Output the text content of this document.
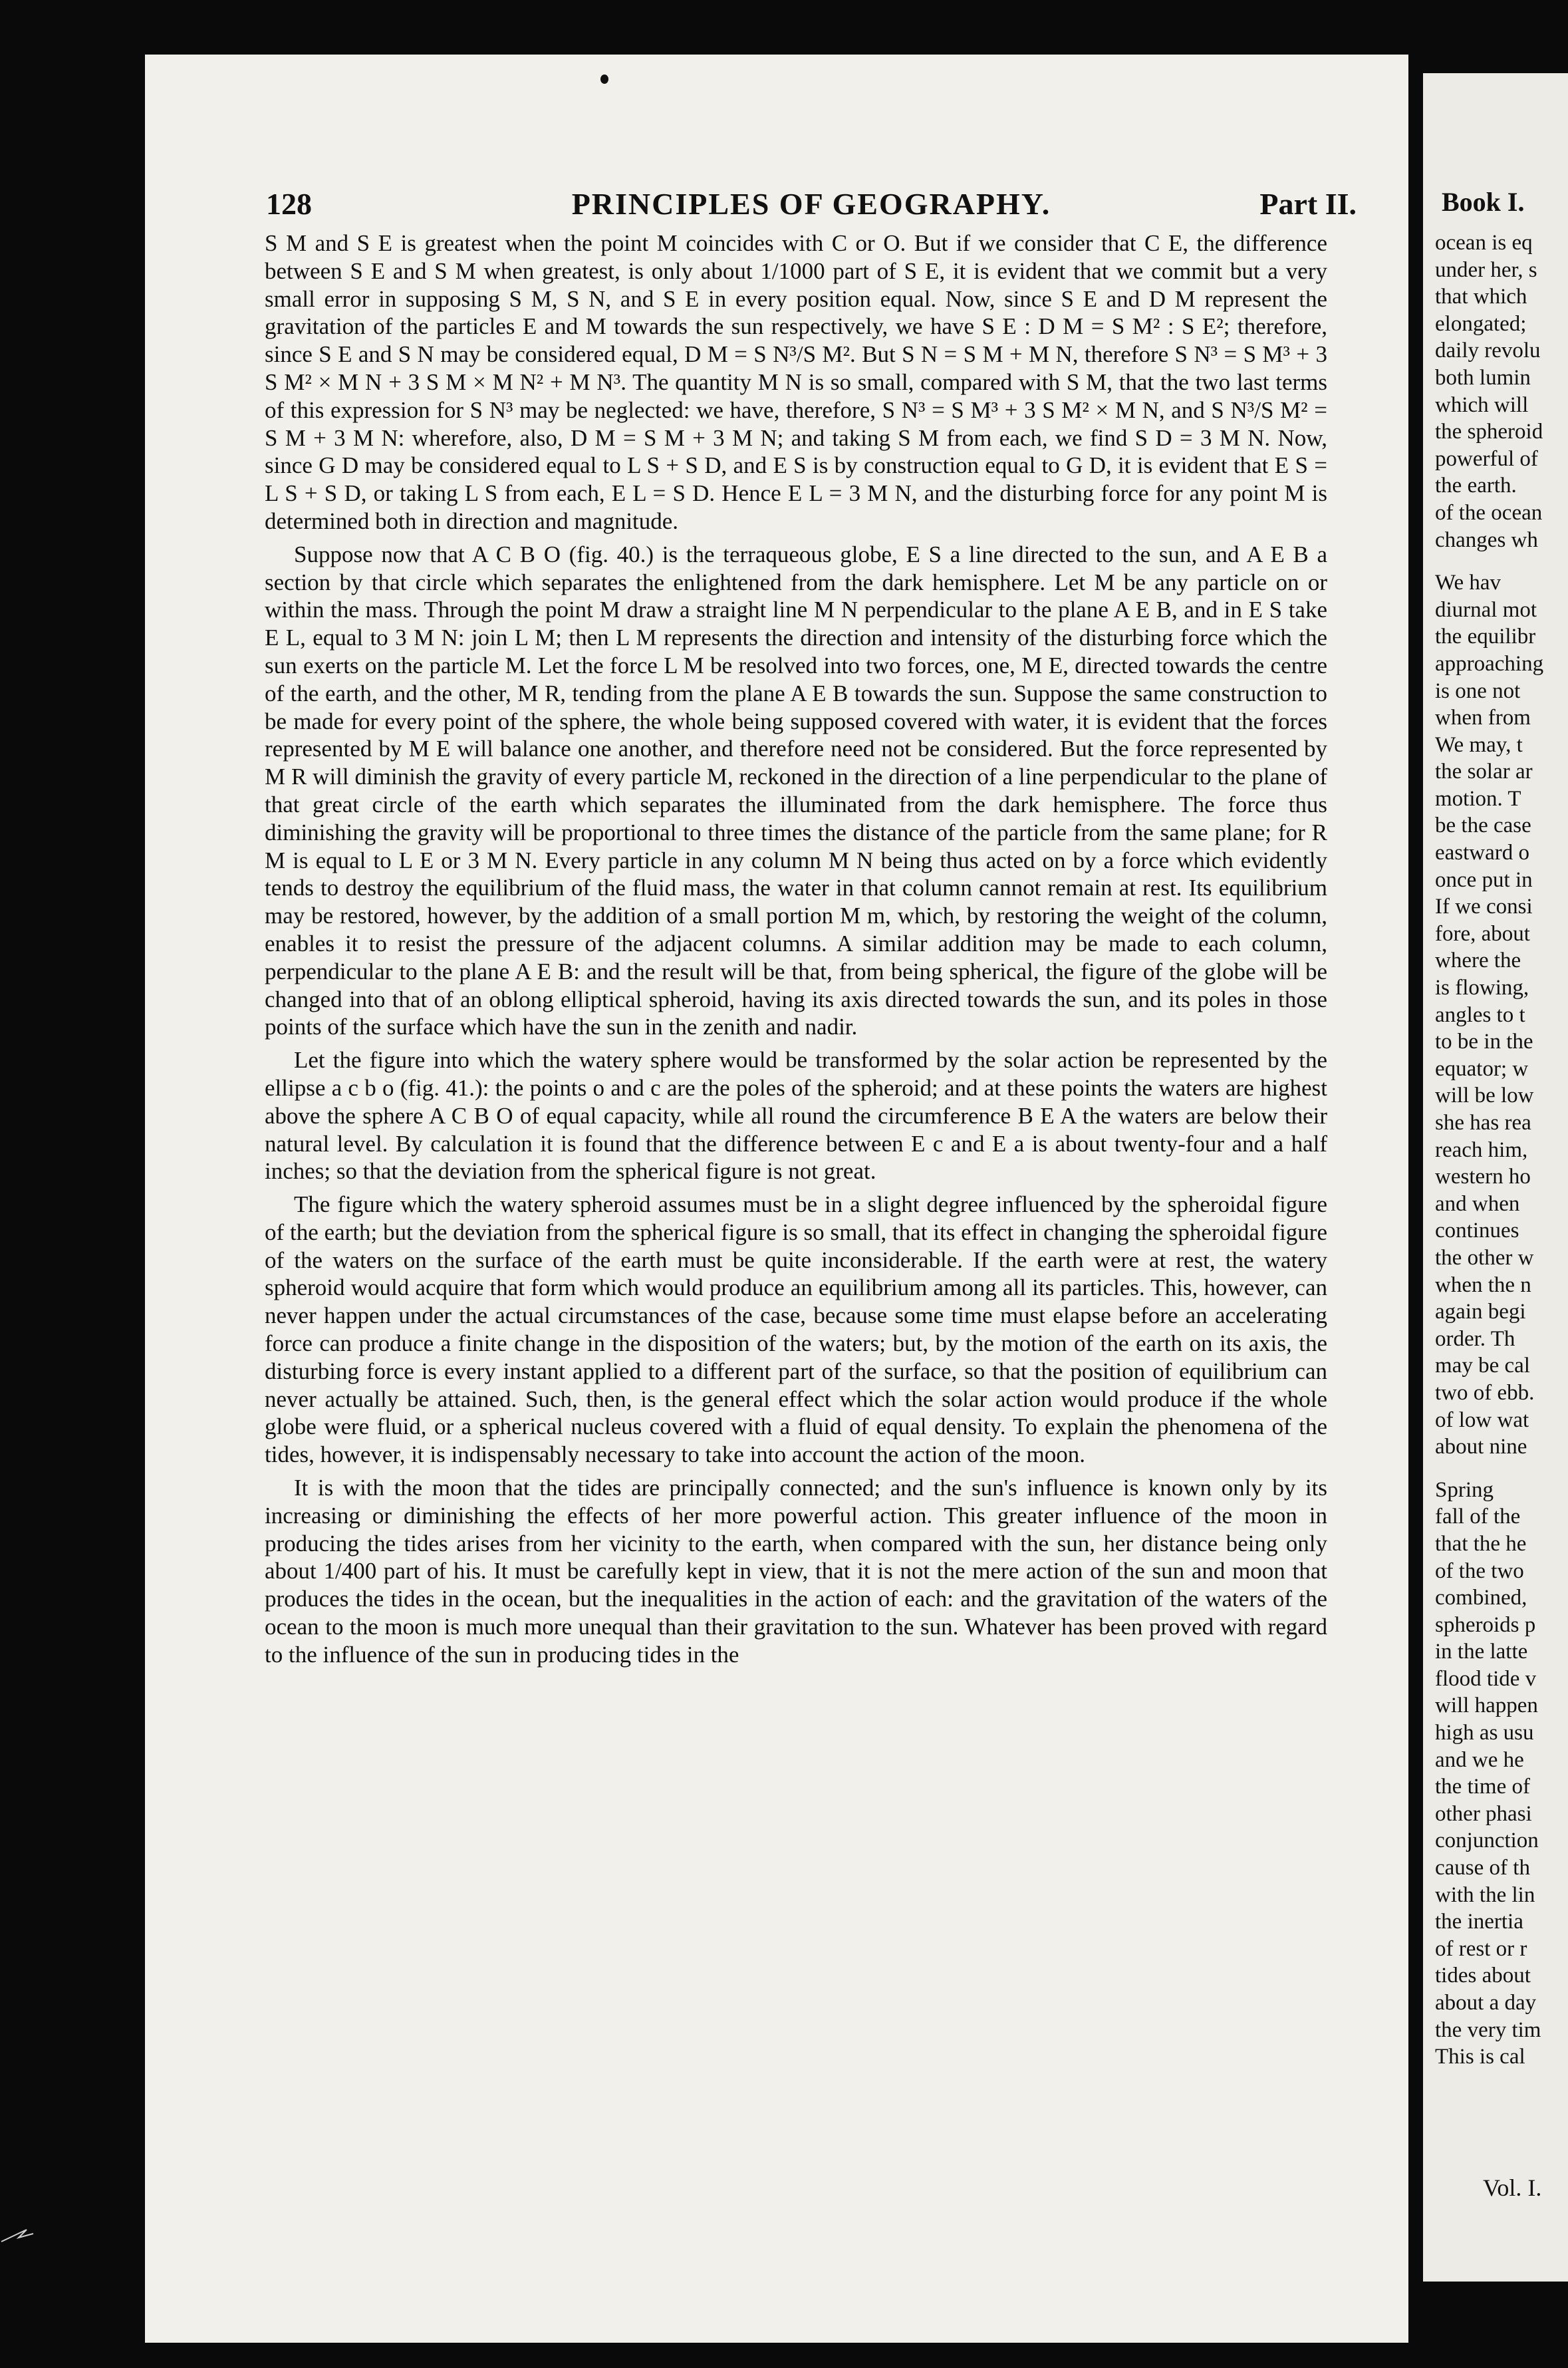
128	PRINCIPLES OF GEOGRAPHY.	Part II.

S M and S E is greatest when the point M coincides with C or O. But if we consider that C E, the difference between S E and S M when greatest, is only about 1/1000 part of S E, it is evident that we commit but a very small error in supposing S M, S N, and S E in every position equal. Now, since S E and D M represent the gravitation of the particles E and M towards the sun respectively, we have S E : D M = S M² : S E²; therefore, since S E and S N may be considered equal, D M = S N³/S M². But S N = S M + M N, therefore S N³ = S M³ + 3 S M² × M N + 3 S M × M N² + M N³. The quantity M N is so small, compared with S M, that the two last terms of this expression for S N³ may be neglected: we have, therefore, S N³ = S M³ + 3 S M² × M N, and S N³/S M² = S M + 3 M N: wherefore, also, D M = S M + 3 M N; and taking S M from each, we find S D = 3 M N. Now, since G D may be considered equal to L S + S D, and E S is by construction equal to G D, it is evident that E S = L S + S D, or taking L S from each, E L = S D. Hence E L = 3 M N, and the disturbing force for any point M is determined both in direction and magnitude.

Suppose now that A C B O (fig. 40.) is the terraqueous globe, E S a line directed to the sun, and A E B a section by that circle which separates the enlightened from the dark hemisphere. Let M be any particle on or within the mass. Through the point M draw a straight line M N perpendicular to the plane A E B, and in E S take E L, equal to 3 M N: join L M; then L M represents the direction and intensity of the disturbing force which the sun exerts on the particle M. Let the force L M be resolved into two forces, one, M E, directed towards the centre of the earth, and the other, M R, tending from the plane A E B towards the sun. Suppose the same construction to be made for every point of the sphere, the whole being supposed covered with water, it is evident that the forces represented by M E will balance one another, and therefore need not be considered. But the force represented by M R will diminish the gravity of every particle M, reckoned in the direction of a line perpendicular to the plane of that great circle of the earth which separates the illuminated from the dark hemisphere. The force thus diminishing the gravity will be proportional to three times the distance of the particle from the same plane; for R M is equal to L E or 3 M N. Every particle in any column M N being thus acted on by a force which evidently tends to destroy the equilibrium of the fluid mass, the water in that column cannot remain at rest. Its equilibrium may be restored, however, by the addition of a small portion M m, which, by restoring the weight of the column, enables it to resist the pressure of the adjacent columns. A similar addition may be made to each column, perpendicular to the plane A E B: and the result will be that, from being spherical, the figure of the globe will be changed into that of an oblong elliptical spheroid, having its axis directed towards the sun, and its poles in those points of the surface which have the sun in the zenith and nadir.

Let the figure into which the watery sphere would be transformed by the solar action be represented by the ellipse a c b o (fig. 41.): the points o and c are the poles of the spheroid; and at these points the waters are highest above the sphere A C B O of equal capacity, while all round the circumference B E A the waters are below their natural level. By calculation it is found that the difference between E c and E a is about twenty-four and a half inches; so that the deviation from the spherical figure is not great.

The figure which the watery spheroid assumes must be in a slight degree influenced by the spheroidal figure of the earth; but the deviation from the spherical figure is so small, that its effect in changing the spheroidal figure of the waters on the surface of the earth must be quite inconsiderable. If the earth were at rest, the watery spheroid would acquire that form which would produce an equilibrium among all its particles. This, however, can never happen under the actual circumstances of the case, because some time must elapse before an accelerating force can produce a finite change in the disposition of the waters; but, by the motion of the earth on its axis, the disturbing force is every instant applied to a different part of the surface, so that the position of equilibrium can never actually be attained. Such, then, is the general effect which the solar action would produce if the whole globe were fluid, or a spherical nucleus covered with a fluid of equal density. To explain the phenomena of the tides, however, it is indispensably necessary to take into account the action of the moon.

It is with the moon that the tides are principally connected; and the sun's influence is known only by its increasing or diminishing the effects of her more powerful action. This greater influence of the moon in producing the tides arises from her vicinity to the earth, when compared with the sun, her distance being only about 1/400 part of his. It must be carefully kept in view, that it is not the mere action of the sun and moon that produces the tides in the ocean, but the inequalities in the action of each: and the gravitation of the waters of the ocean to the moon is much more unequal than their gravitation to the sun. Whatever has been proved with regard to the influence of the sun in producing tides in the

Book I.
ocean is eq
under her, s
that which
elongated;
daily revolu
both lumin
which will
the spheroid
powerful of
the earth.
of the ocean
changes wh
We hav
diurnal mot
the equilibr
approaching
is one not
when from
We may, t
the solar ar
motion. T
be the case
eastward o
once put in
If we consi
fore, about
where the
is flowing,
angles to t
to be in the
equator; w
will be low
she has rea
reach him,
western ho
and when
continues
the other w
when the n
again begi
order. Th
may be cal
two of ebb.
of low wat
about nine
Spring
fall of the
that the he
of the two
combined,
spheroids p
in the latte
flood tide v
will happen
high as usu
and we he
the time of
other phasi
conjunction
cause of th
with the lin
the inertia
of rest or r
tides about
about a day
the very tim
This is cal
Vol. I.
